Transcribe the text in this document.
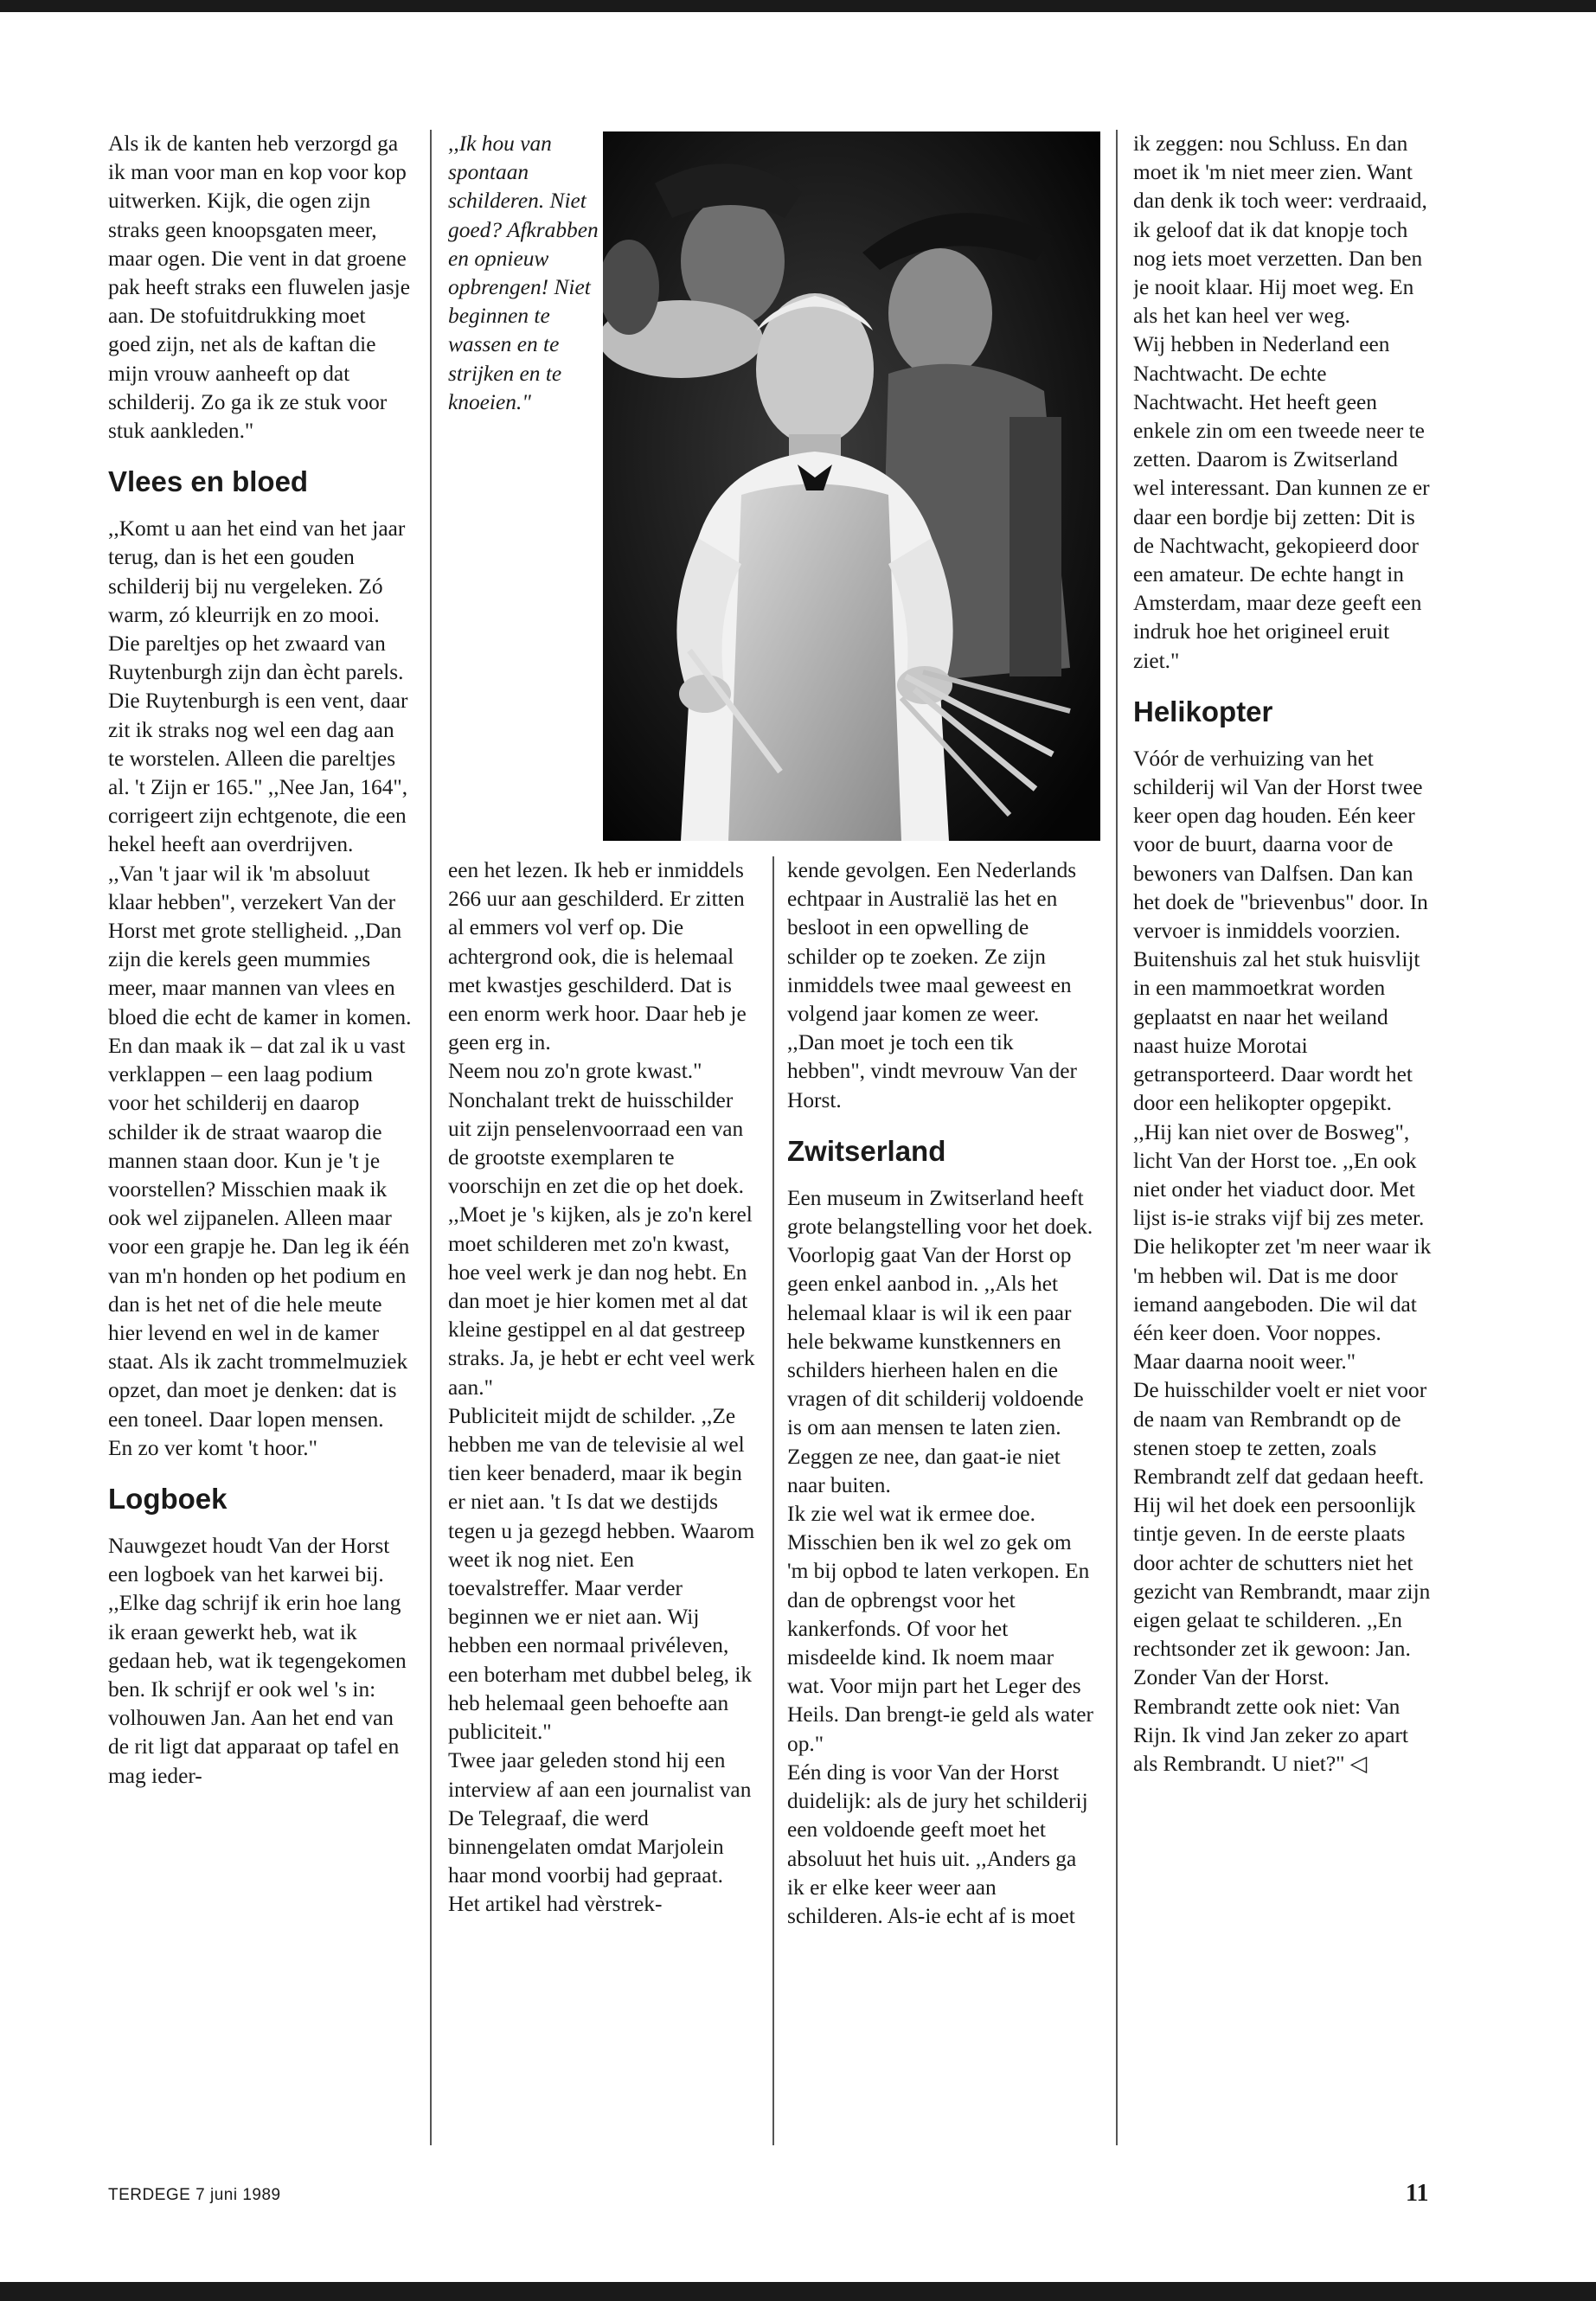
Als ik de kanten heb verzorgd ga ik man voor man en kop voor kop uitwerken. Kijk, die ogen zijn straks geen knoopsgaten meer, maar ogen. Die vent in dat groene pak heeft straks een fluwelen jasje aan. De stofuitdrukking moet goed zijn, net als de kaftan die mijn vrouw aanheeft op dat schilderij. Zo ga ik ze stuk voor stuk aankleden."

Vlees en bloed

,,Komt u aan het eind van het jaar terug, dan is het een gouden schilderij bij nu vergeleken. Zó warm, zó kleurrijk en zo mooi. Die pareltjes op het zwaard van Ruytenburgh zijn dan ècht parels. Die Ruytenburgh is een vent, daar zit ik straks nog wel een dag aan te worstelen. Alleen die pareltjes al. 't Zijn er 165." ,,Nee Jan, 164", corrigeert zijn echtgenote, die een hekel heeft aan overdrijven.

,,Van 't jaar wil ik 'm absoluut klaar hebben", verzekert Van der Horst met grote stelligheid. ,,Dan zijn die kerels geen mummies meer, maar mannen van vlees en bloed die echt de kamer in komen. En dan maak ik – dat zal ik u vast verklappen – een laag podium voor het schilderij en daarop schilder ik de straat waarop die mannen staan door. Kun je 't je voorstellen? Misschien maak ik ook wel zijpanelen. Alleen maar voor een grapje he. Dan leg ik één van m'n honden op het podium en dan is het net of die hele meute hier levend en wel in de kamer staat. Als ik zacht trommelmuziek opzet, dan moet je denken: dat is een toneel. Daar lopen mensen. En zo ver komt 't hoor."

Logboek

Nauwgezet houdt Van der Horst een logboek van het karwei bij. ,,Elke dag schrijf ik erin hoe lang ik eraan gewerkt heb, wat ik gedaan heb, wat ik tegengekomen ben. Ik schrijf er ook wel 's in: volhouwen Jan. Aan het end van de rit ligt dat apparaat op tafel en mag ieder-

,,Ik hou van spontaan schilderen. Niet goed? Afkrabben en opnieuw opbrengen! Niet beginnen te wassen en te strijken en te knoeien."

een het lezen. Ik heb er inmiddels 266 uur aan geschilderd. Er zitten al emmers vol verf op. Die achtergrond ook, die is helemaal met kwastjes geschilderd. Dat is een enorm werk hoor. Daar heb je geen erg in.

Neem nou zo'n grote kwast." Nonchalant trekt de huisschilder uit zijn penselenvoorraad een van de grootste exemplaren te voorschijn en zet die op het doek. ,,Moet je 's kijken, als je zo'n kerel moet schilderen met zo'n kwast, hoe veel werk je dan nog hebt. En dan moet je hier komen met al dat kleine gestippel en al dat gestreep straks. Ja, je hebt er echt veel werk aan."

Publiciteit mijdt de schilder. ,,Ze hebben me van de televisie al wel tien keer benaderd, maar ik begin er niet aan. 't Is dat we destijds tegen u ja gezegd hebben. Waarom weet ik nog niet. Een toevalstreffer. Maar verder beginnen we er niet aan. Wij hebben een normaal privéleven, een boterham met dubbel beleg, ik heb helemaal geen behoefte aan publiciteit."

Twee jaar geleden stond hij een interview af aan een journalist van De Telegraaf, die werd binnengelaten omdat Marjolein haar mond voorbij had gepraat. Het artikel had vèrstrek-

kende gevolgen. Een Nederlands echtpaar in Australië las het en besloot in een opwelling de schilder op te zoeken. Ze zijn inmiddels twee maal geweest en volgend jaar komen ze weer.

,,Dan moet je toch een tik hebben", vindt mevrouw Van der Horst.

Zwitserland

Een museum in Zwitserland heeft grote belangstelling voor het doek. Voorlopig gaat Van der Horst op geen enkel aanbod in. ,,Als het helemaal klaar is wil ik een paar hele bekwame kunstkenners en schilders hierheen halen en die vragen of dit schilderij voldoende is om aan mensen te laten zien. Zeggen ze nee, dan gaat-ie niet naar buiten.

Ik zie wel wat ik ermee doe. Misschien ben ik wel zo gek om 'm bij opbod te laten verkopen. En dan de opbrengst voor het kankerfonds. Of voor het misdeelde kind. Ik noem maar wat. Voor mijn part het Leger des Heils. Dan brengt-ie geld als water op."

Eén ding is voor Van der Horst duidelijk: als de jury het schilderij een voldoende geeft moet het absoluut het huis uit. ,,Anders ga ik er elke keer weer aan schilderen. Als-ie echt af is moet

ik zeggen: nou Schluss. En dan moet ik 'm niet meer zien. Want dan denk ik toch weer: verdraaid, ik geloof dat ik dat knopje toch nog iets moet verzetten. Dan ben je nooit klaar. Hij moet weg. En als het kan heel ver weg.

Wij hebben in Nederland een Nachtwacht. De echte Nachtwacht. Het heeft geen enkele zin om een tweede neer te zetten. Daarom is Zwitserland wel interessant. Dan kunnen ze er daar een bordje bij zetten: Dit is de Nachtwacht, gekopieerd door een amateur. De echte hangt in Amsterdam, maar deze geeft een indruk hoe het origineel eruit ziet."

Helikopter

Vóór de verhuizing van het schilderij wil Van der Horst twee keer open dag houden. Eén keer voor de buurt, daarna voor de bewoners van Dalfsen. Dan kan het doek de "brievenbus" door. In vervoer is inmiddels voorzien. Buitenshuis zal het stuk huisvlijt in een mammoetkrat worden geplaatst en naar het weiland naast huize Morotai getransporteerd. Daar wordt het door een helikopter opgepikt.

,,Hij kan niet over de Bosweg", licht Van der Horst toe. ,,En ook niet onder het viaduct door. Met lijst is-ie straks vijf bij zes meter. Die helikopter zet 'm neer waar ik 'm hebben wil. Dat is me door iemand aangeboden. Die wil dat één keer doen. Voor noppes. Maar daarna nooit weer."

De huisschilder voelt er niet voor de naam van Rembrandt op de stenen stoep te zetten, zoals Rembrandt zelf dat gedaan heeft. Hij wil het doek een persoonlijk tintje geven. In de eerste plaats door achter de schutters niet het gezicht van Rembrandt, maar zijn eigen gelaat te schilderen. ,,En rechtsonder zet ik gewoon: Jan. Zonder Van der Horst. Rembrandt zette ook niet: Van Rijn. Ik vind Jan zeker zo apart als Rembrandt. U niet?" ◁

TERDEGE 7 juni 1989	11
